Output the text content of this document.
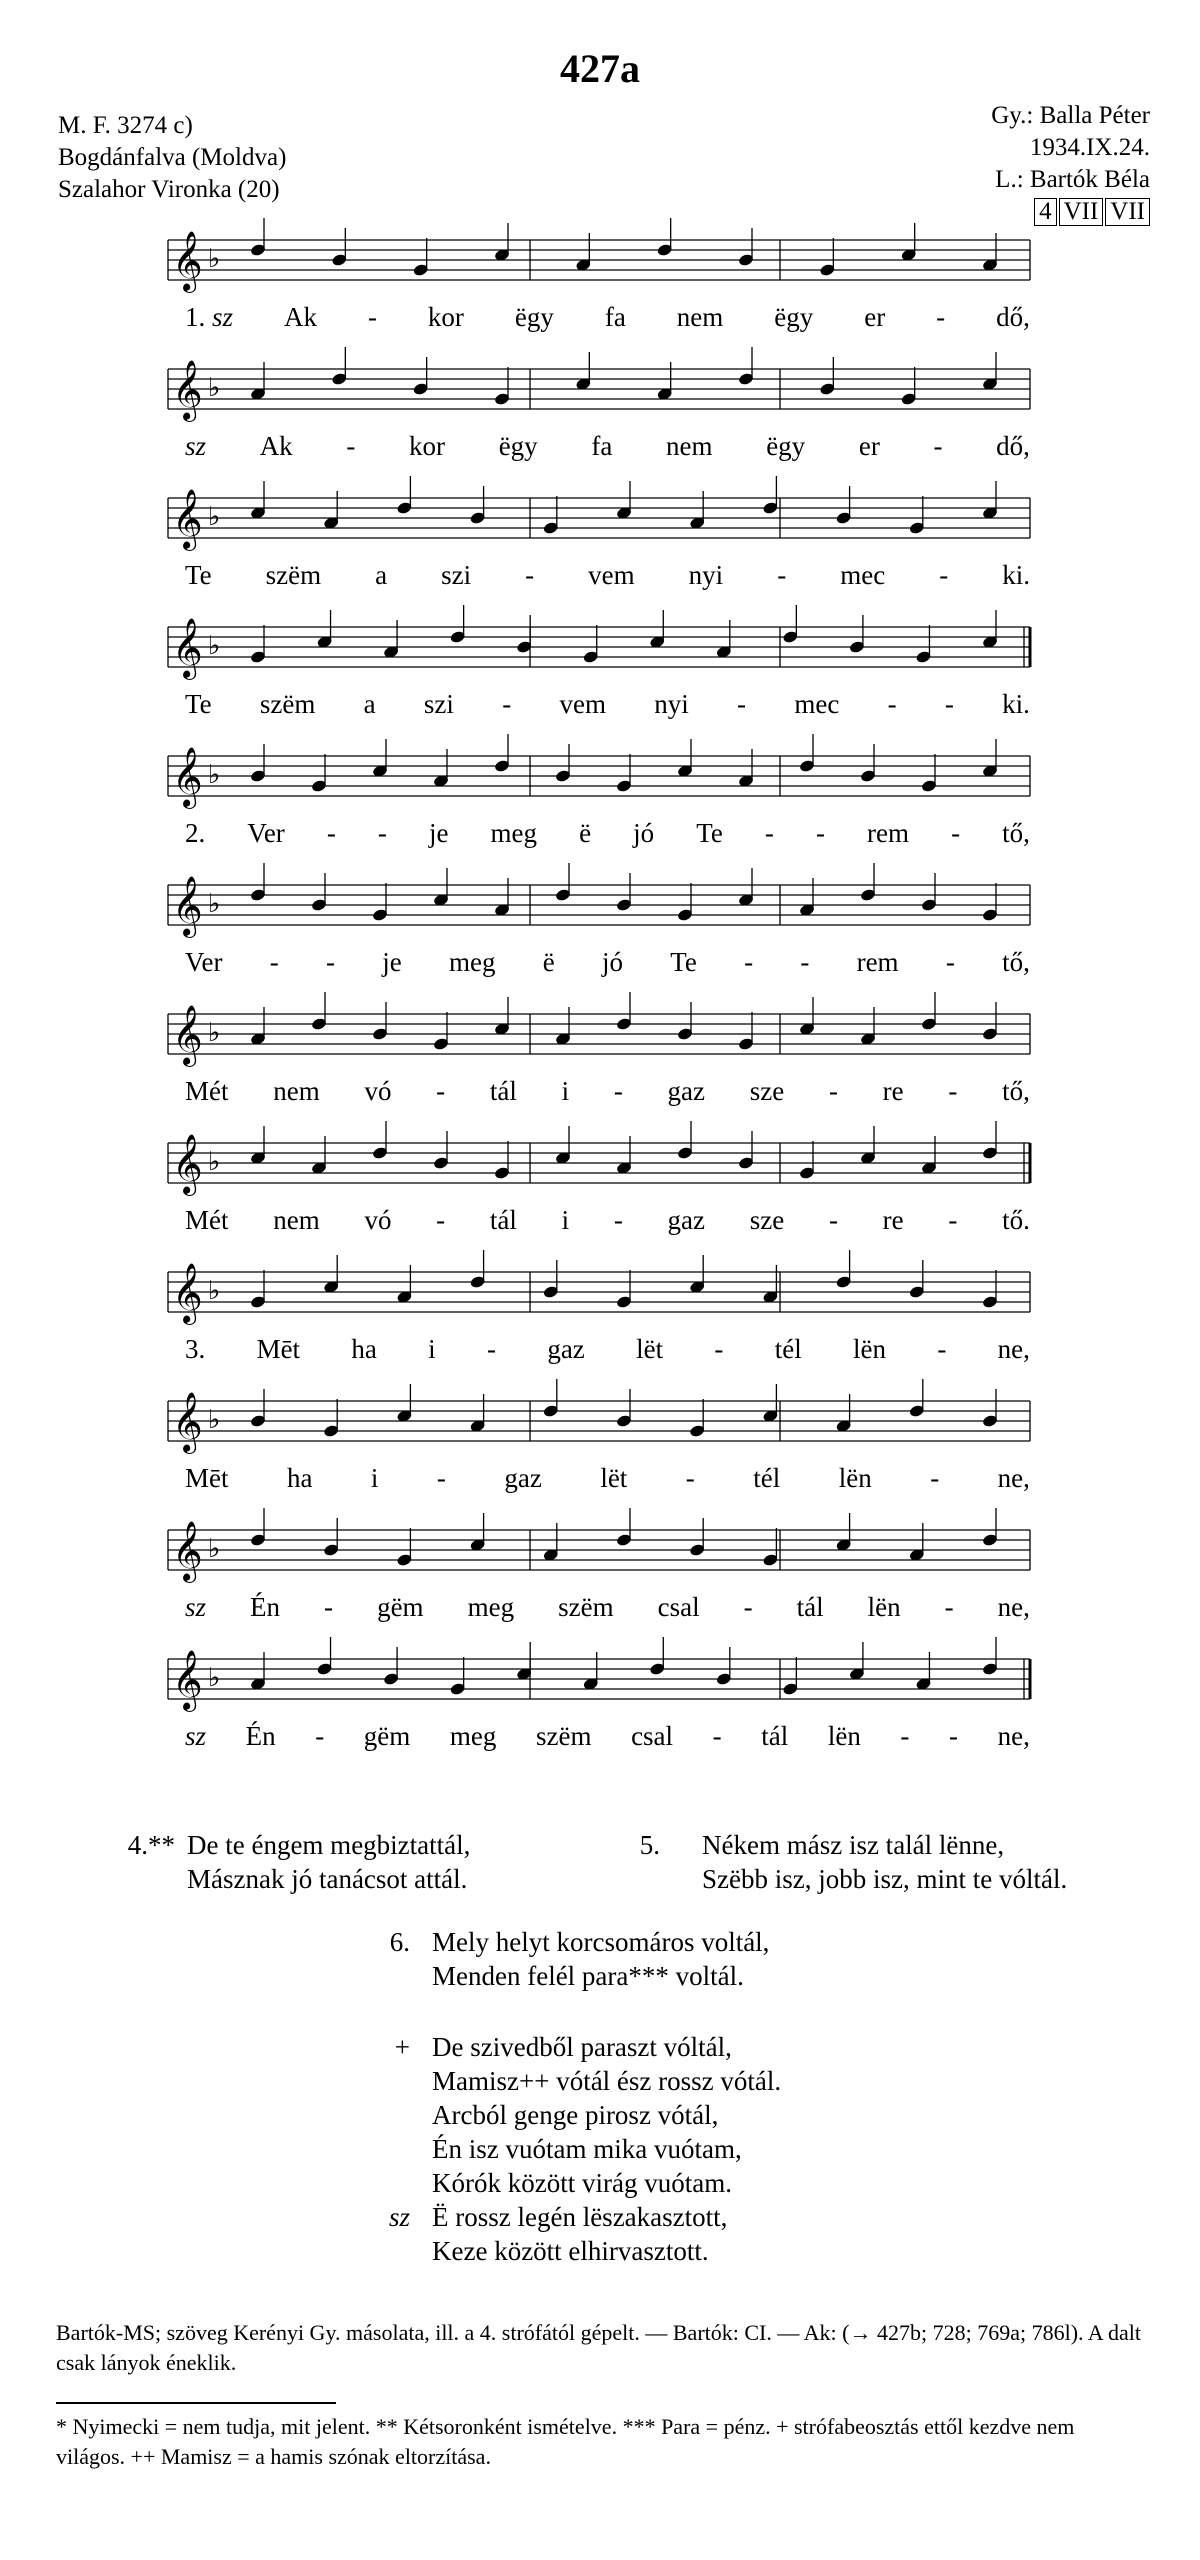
427a
M. F. 3274 c)
Bogdánfalva (Moldva)
Szalahor Vironka (20)
Gy.: Balla Péter
1934.IX.24.
L.: Bartók Béla
4 VII VII
𝄞 ♭
𝄞 ♭
𝄞 ♭
𝄞 ♭
𝄞 ♭
𝄞 ♭
𝄞 ♭
𝄞 ♭
𝄞 ♭
𝄞 ♭
𝄞 ♭
𝄞 ♭
1. sz Ak - kor ëgy fa nem ëgy er - dő,
sz Ak - kor ëgy fa nem ëgy er - dő,
Te szëm a szi - vem nyi - mec - ki.
Te szëm a szi - vem nyi - mec - - ki.
2. Ver - - je meg ë jó Te - - rem - tő,
Ver - - je meg ë jó Te - - rem - tő,
Mét nem vó - tál i - gaz sze - re - tő,
Mét nem vó - tál i - gaz sze - re - tő.
3. Mēt ha i - gaz lët - tél lën - ne,
Mēt ha i - gaz lët - tél lën - ne,
sz Én - gëm meg szëm csal - tál lën - ne,
sz Én - gëm meg szëm csal - tál lën - - ne,
4.** De te éngem megbiztattál,
Másznak jó tanácsot attál.
5. Nékem mász isz talál lënne,
Szëbb isz, jobb isz, mint te vóltál.
6. Mely helyt korcsomáros voltál,
Menden felél para*** voltál.
+ De szivedből paraszt vóltál,
Mamisz++ vótál ész rossz vótál.
Arcból genge pirosz vótál,
Én isz vuótam mika vuótam,
Kórók között virág vuótam.
sz Ë rossz legén lëszakasztott,
Keze között elhirvasztott.
Bartók-MS; szöveg Kerényi Gy. másolata, ill. a 4. strófától gépelt. — Bartók: CI. — Ak: (→ 427b; 728; 769a; 786l). A dalt csak lányok éneklik.
* Nyimecki = nem tudja, mit jelent. ** Kétsoronként ismételve. *** Para = pénz. + strófabeosztás ettől kezdve nem világos. ++ Mamisz = a hamis szónak eltorzítása.
